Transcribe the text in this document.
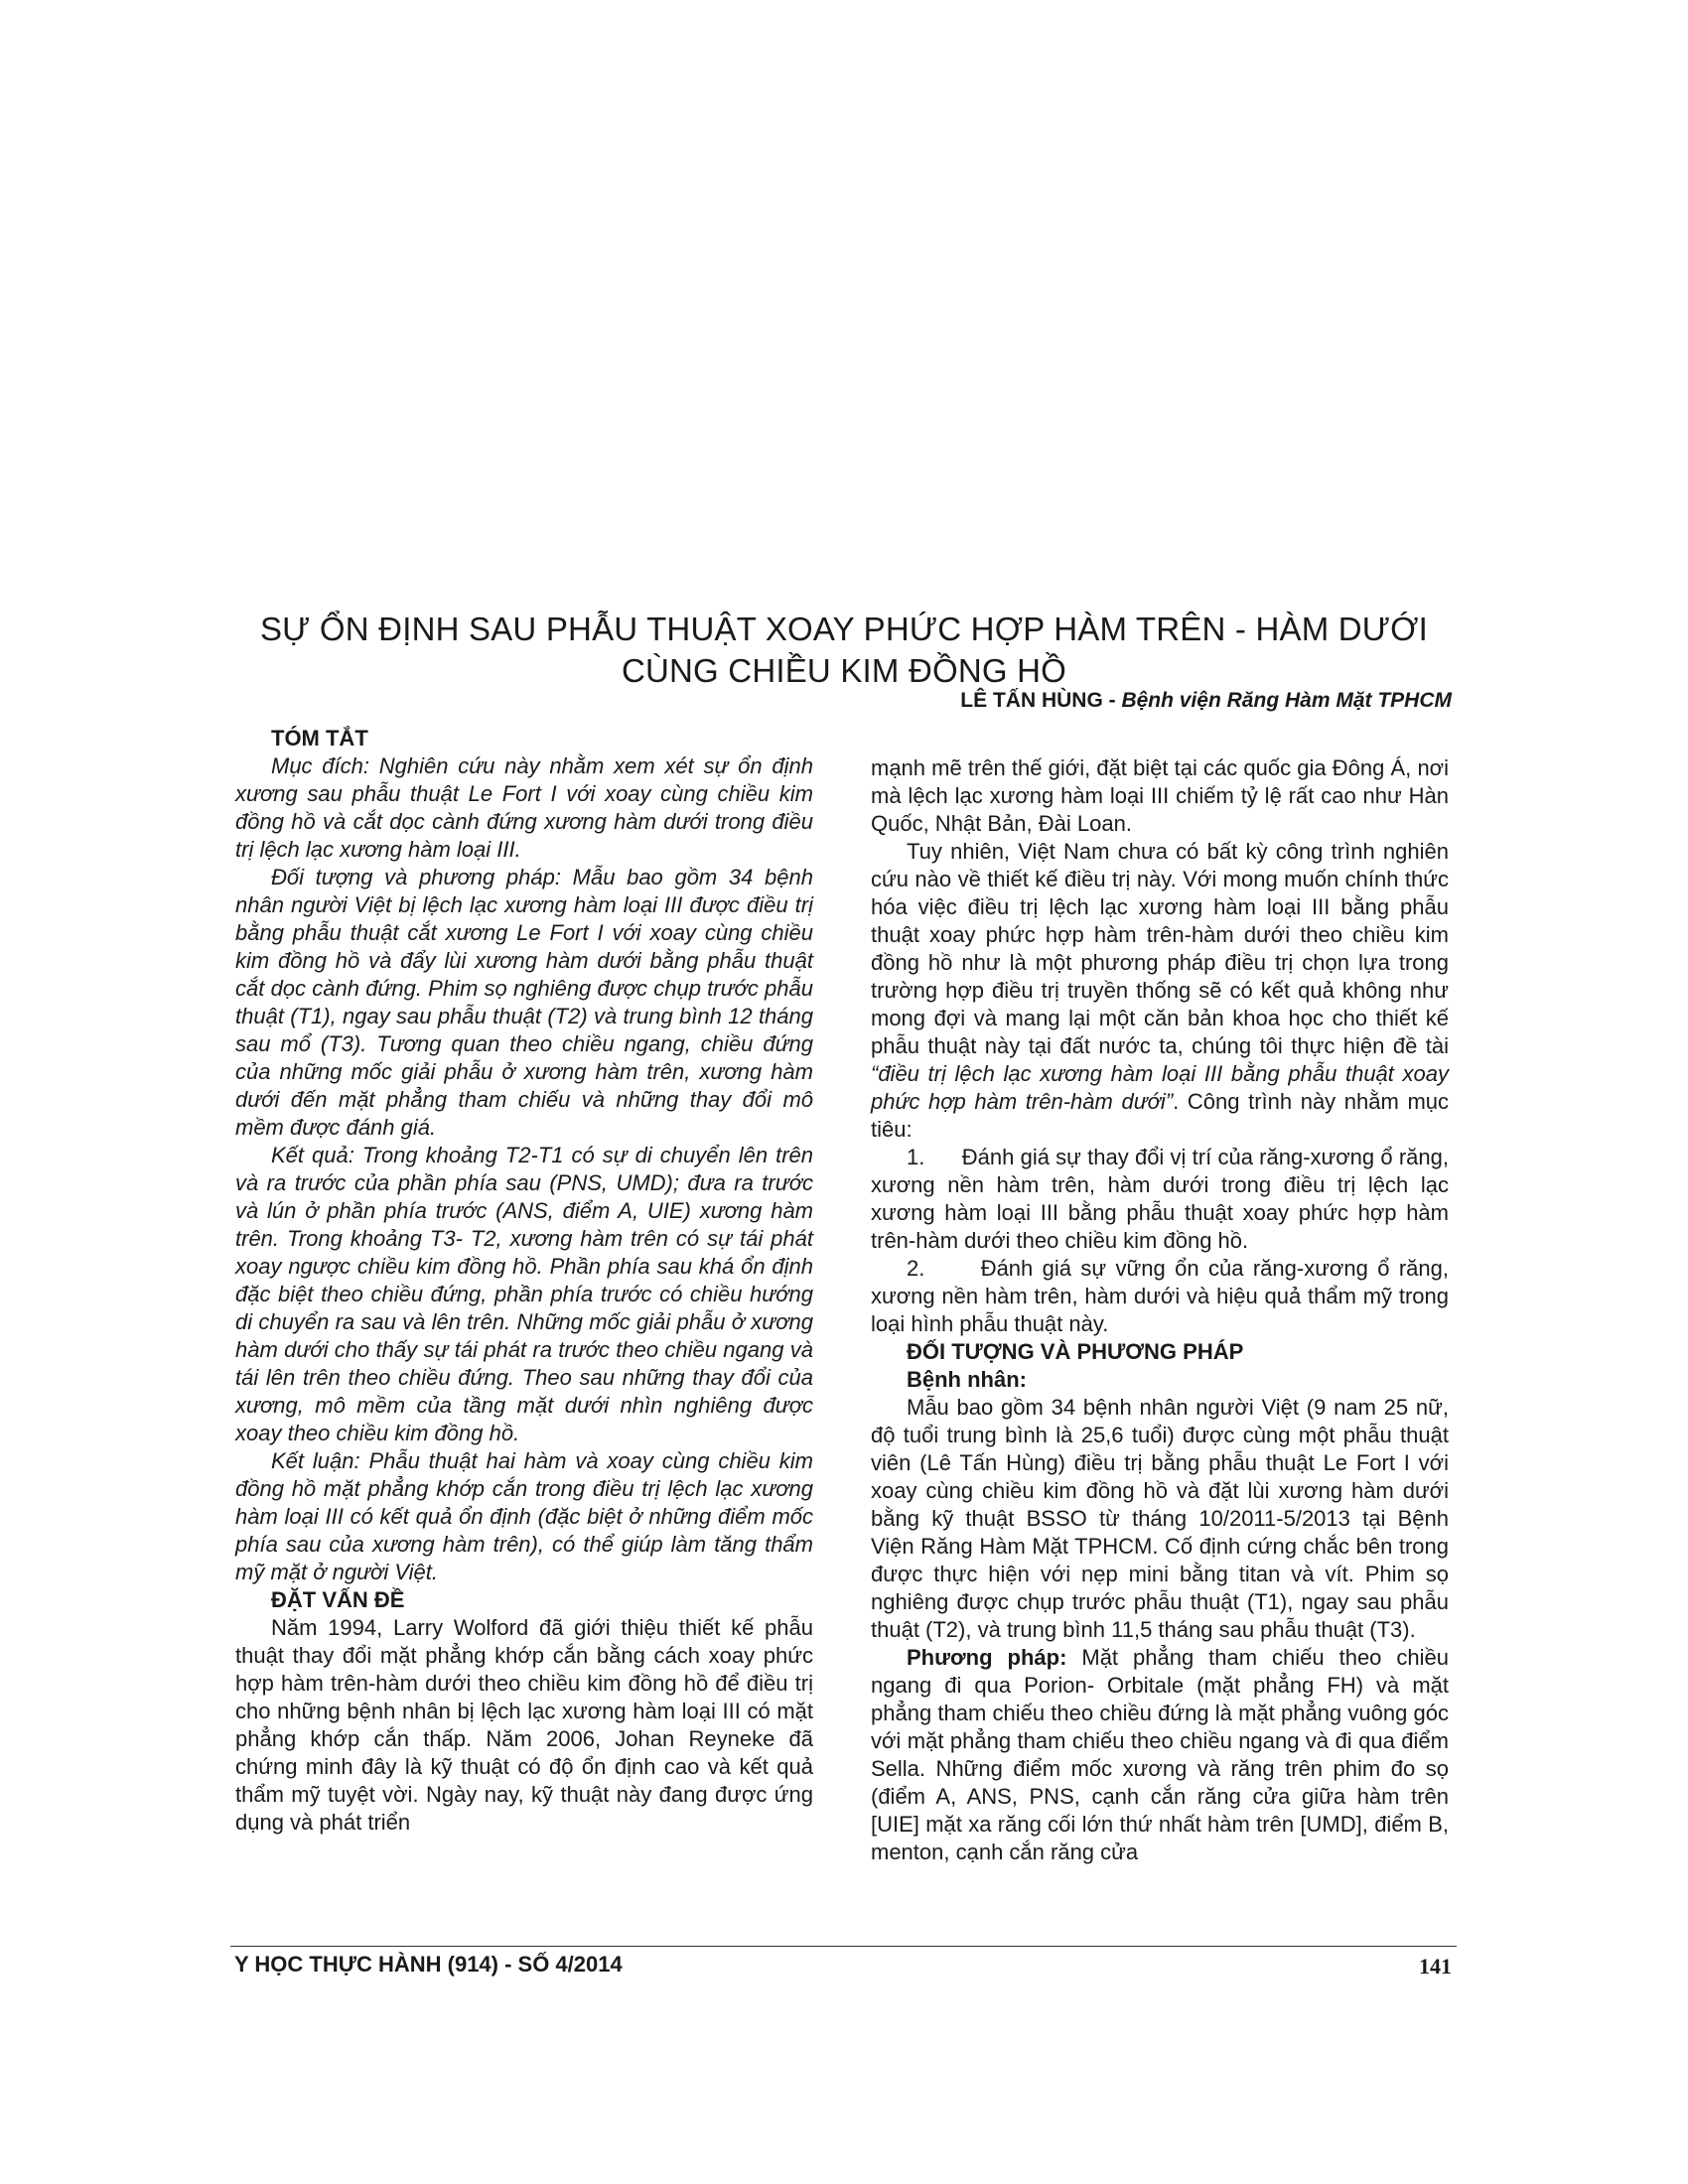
SỰ ỔN ĐỊNH SAU PHẪU THUẬT XOAY PHỨC HỢP HÀM TRÊN - HÀM DƯỚI
CÙNG CHIỀU KIM ĐỒNG HỒ
LÊ TẤN HÙNG - Bệnh viện Răng Hàm Mặt TPHCM
TÓM TẮT

Mục đích: Nghiên cứu này nhằm xem xét sự ổn định xương sau phẫu thuật Le Fort I với xoay cùng chiều kim đồng hồ và cắt dọc cành đứng xương hàm dưới trong điều trị lệch lạc xương hàm loại III.

Đối tượng và phương pháp: Mẫu bao gồm 34 bệnh nhân người Việt bị lệch lạc xương hàm loại III được điều trị bằng phẫu thuật cắt xương Le Fort I với xoay cùng chiều kim đồng hồ và đẩy lùi xương hàm dưới bằng phẫu thuật cắt dọc cành đứng. Phim sọ nghiêng được chụp trước phẫu thuật (T1), ngay sau phẫu thuật (T2) và trung bình 12 tháng sau mổ (T3). Tương quan theo chiều ngang, chiều đứng của những mốc giải phẫu ở xương hàm trên, xương hàm dưới đến mặt phẳng tham chiếu và những thay đổi mô mềm được đánh giá.

Kết quả: Trong khoảng T2-T1 có sự di chuyển lên trên và ra trước của phần phía sau (PNS, UMD); đưa ra trước và lún ở phần phía trước (ANS, điểm A, UIE) xương hàm trên. Trong khoảng T3- T2, xương hàm trên có sự tái phát xoay ngược chiều kim đồng hồ. Phần phía sau khá ổn định đặc biệt theo chiều đứng, phần phía trước có chiều hướng di chuyển ra sau và lên trên. Những mốc giải phẫu ở xương hàm dưới cho thấy sự tái phát ra trước theo chiều ngang và tái lên trên theo chiều đứng. Theo sau những thay đổi của xương, mô mềm của tầng mặt dưới nhìn nghiêng được xoay theo chiều kim đồng hồ.

Kết luận: Phẫu thuật hai hàm và xoay cùng chiều kim đồng hồ mặt phẳng khớp cắn trong điều trị lệch lạc xương hàm loại III có kết quả ổn định (đặc biệt ở những điểm mốc phía sau của xương hàm trên), có thể giúp làm tăng thẩm mỹ mặt ở người Việt.

ĐẶT VẤN ĐỀ

Năm 1994, Larry Wolford đã giới thiệu thiết kế phẫu thuật thay đổi mặt phẳng khớp cắn bằng cách xoay phức hợp hàm trên-hàm dưới theo chiều kim đồng hồ để điều trị cho những bệnh nhân bị lệch lạc xương hàm loại III có mặt phẳng khớp cắn thấp. Năm 2006, Johan Reyneke đã chứng minh đây là kỹ thuật có độ ổn định cao và kết quả thẩm mỹ tuyệt vời. Ngày nay, kỹ thuật này đang được ứng dụng và phát triển

mạnh mẽ trên thế giới, đặt biệt tại các quốc gia Đông Á, nơi mà lệch lạc xương hàm loại III chiếm tỷ lệ rất cao như Hàn Quốc, Nhật Bản, Đài Loan.

Tuy nhiên, Việt Nam chưa có bất kỳ công trình nghiên cứu nào về thiết kế điều trị này. Với mong muốn chính thức hóa việc điều trị lệch lạc xương hàm loại III bằng phẫu thuật xoay phức hợp hàm trên-hàm dưới theo chiều kim đồng hồ như là một phương pháp điều trị chọn lựa trong trường hợp điều trị truyền thống sẽ có kết quả không như mong đợi và mang lại một căn bản khoa học cho thiết kế phẫu thuật này tại đất nước ta, chúng tôi thực hiện đề tài “điều trị lệch lạc xương hàm loại III bằng phẫu thuật xoay phức hợp hàm trên-hàm dưới”. Công trình này nhằm mục tiêu:

1. Đánh giá sự thay đổi vị trí của răng-xương ổ răng, xương nền hàm trên, hàm dưới trong điều trị lệch lạc xương hàm loại III bằng phẫu thuật xoay phức hợp hàm trên-hàm dưới theo chiều kim đồng hồ.

2.	Đánh giá sự vững ổn của răng-xương ổ răng, xương nền hàm trên, hàm dưới và hiệu quả thẩm mỹ trong loại hình phẫu thuật này.

ĐỐI TƯỢNG VÀ PHƯƠNG PHÁP
Bệnh nhân:

Mẫu bao gồm 34 bệnh nhân người Việt (9 nam 25 nữ, độ tuổi trung bình là 25,6 tuổi) được cùng một phẫu thuật viên (Lê Tấn Hùng) điều trị bằng phẫu thuật Le Fort I với xoay cùng chiều kim đồng hồ và đặt lùi xương hàm dưới bằng kỹ thuật BSSO từ tháng 10/2011-5/2013 tại Bệnh Viện Răng Hàm Mặt TPHCM. Cố định cứng chắc bên trong được thực hiện với nẹp mini bằng titan và vít. Phim sọ nghiêng được chụp trước phẫu thuật (T1), ngay sau phẫu thuật (T2), và trung bình 11,5 tháng sau phẫu thuật (T3).

Phương pháp: Mặt phẳng tham chiếu theo chiều ngang đi qua Porion- Orbitale (mặt phẳng FH) và mặt phẳng tham chiếu theo chiều đứng là mặt phẳng vuông góc với mặt phẳng tham chiếu theo chiều ngang và đi qua điểm Sella. Những điểm mốc xương và răng trên phim đo sọ (điểm A, ANS, PNS, cạnh cắn răng cửa giữa hàm trên [UIE] mặt xa răng cối lớn thứ nhất hàm trên [UMD], điểm B, menton, cạnh cắn răng cửa

Y HỌC THỰC HÀNH (914) - SỐ 4/2014	141
